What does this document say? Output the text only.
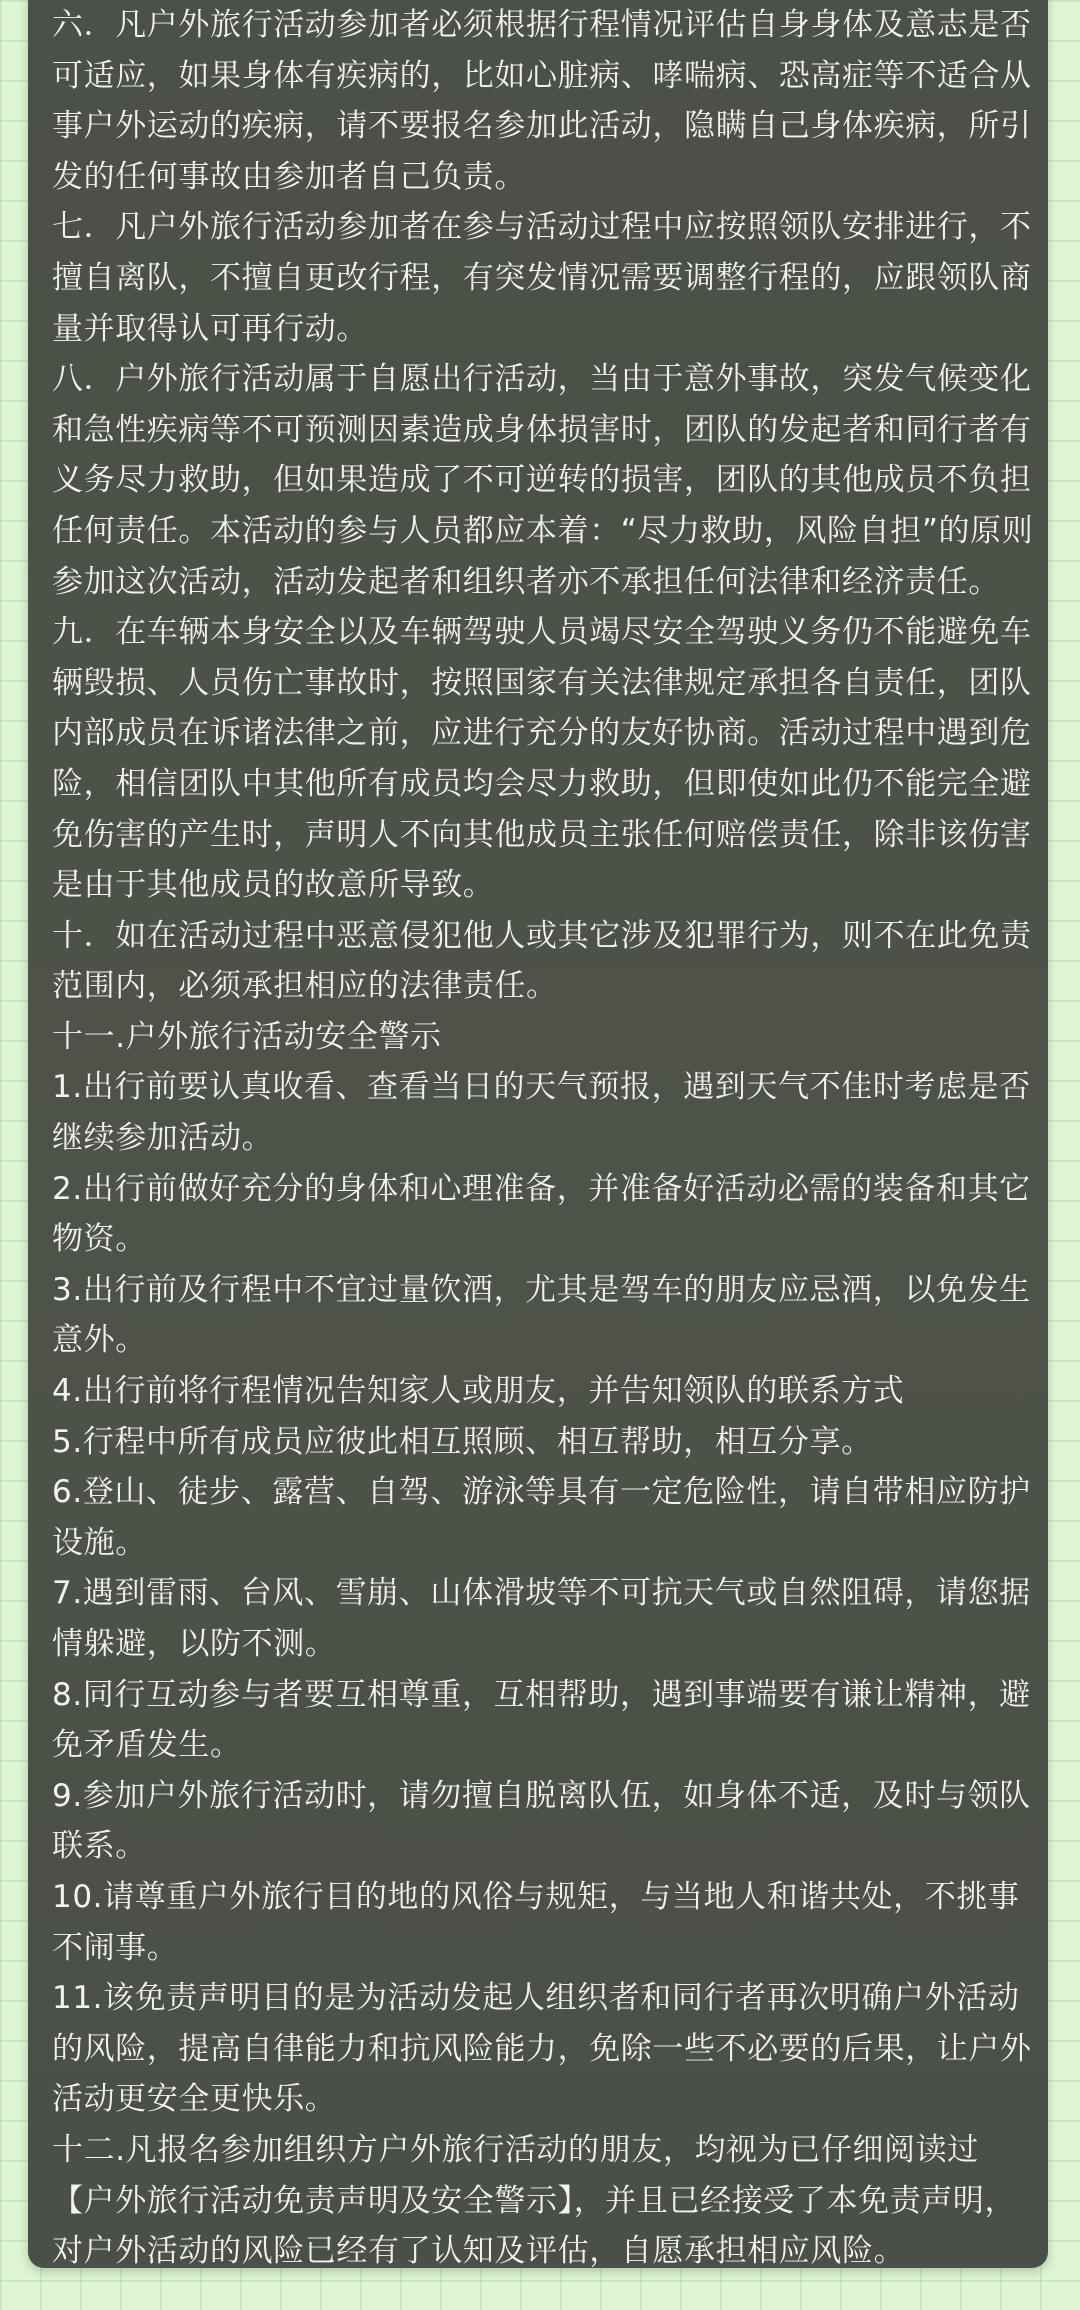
六．凡户外旅行活动参加者必须根据行程情况评估自身身体及意志是否可适应，如果身体有疾病的，比如心脏病、哮喘病、恐高症等不适合从事户外运动的疾病，请不要报名参加此活动，隐瞒自己身体疾病，所引发的任何事故由参加者自己负责。

七．凡户外旅行活动参加者在参与活动过程中应按照领队安排进行，不擅自离队，不擅自更改行程，有突发情况需要调整行程的，应跟领队商量并取得认可再行动。

八．户外旅行活动属于自愿出行活动，当由于意外事故，突发气候变化和急性疾病等不可预测因素造成身体损害时，团队的发起者和同行者有义务尽力救助，但如果造成了不可逆转的损害，团队的其他成员不负担任何责任。本活动的参与人员都应本着：“尽力救助，风险自担”的原则参加这次活动，活动发起者和组织者亦不承担任何法律和经济责任。

九．在车辆本身安全以及车辆驾驶人员竭尽安全驾驶义务仍不能避免车辆毁损、人员伤亡事故时，按照国家有关法律规定承担各自责任，团队内部成员在诉诸法律之前，应进行充分的友好协商。活动过程中遇到危险，相信团队中其他所有成员均会尽力救助，但即使如此仍不能完全避免伤害的产生时，声明人不向其他成员主张任何赔偿责任，除非该伤害是由于其他成员的故意所导致。

十．如在活动过程中恶意侵犯他人或其它涉及犯罪行为，则不在此免责范围内，必须承担相应的法律责任。

十一.户外旅行活动安全警示

1.出行前要认真收看、查看当日的天气预报，遇到天气不佳时考虑是否继续参加活动。

2.出行前做好充分的身体和心理准备，并准备好活动必需的装备和其它物资。

3.出行前及行程中不宜过量饮酒，尤其是驾车的朋友应忌酒，以免发生意外。

4.出行前将行程情况告知家人或朋友，并告知领队的联系方式

5.行程中所有成员应彼此相互照顾、相互帮助，相互分享。

6.登山、徒步、露营、自驾、游泳等具有一定危险性，请自带相应防护设施。

7.遇到雷雨、台风、雪崩、山体滑坡等不可抗天气或自然阻碍，请您据情躲避，以防不测。

8.同行互动参与者要互相尊重，互相帮助，遇到事端要有谦让精神，避免矛盾发生。

9.参加户外旅行活动时，请勿擅自脱离队伍，如身体不适，及时与领队联系。

10.请尊重户外旅行目的地的风俗与规矩，与当地人和谐共处，不挑事不闹事。

11.该免责声明目的是为活动发起人组织者和同行者再次明确户外活动的风险，提高自律能力和抗风险能力，免除一些不必要的后果，让户外活动更安全更快乐。

十二.凡报名参加组织方户外旅行活动的朋友，均视为已仔细阅读过【户外旅行活动免责声明及安全警示】，并且已经接受了本免责声明，对户外活动的风险已经有了认知及评估，自愿承担相应风险。
